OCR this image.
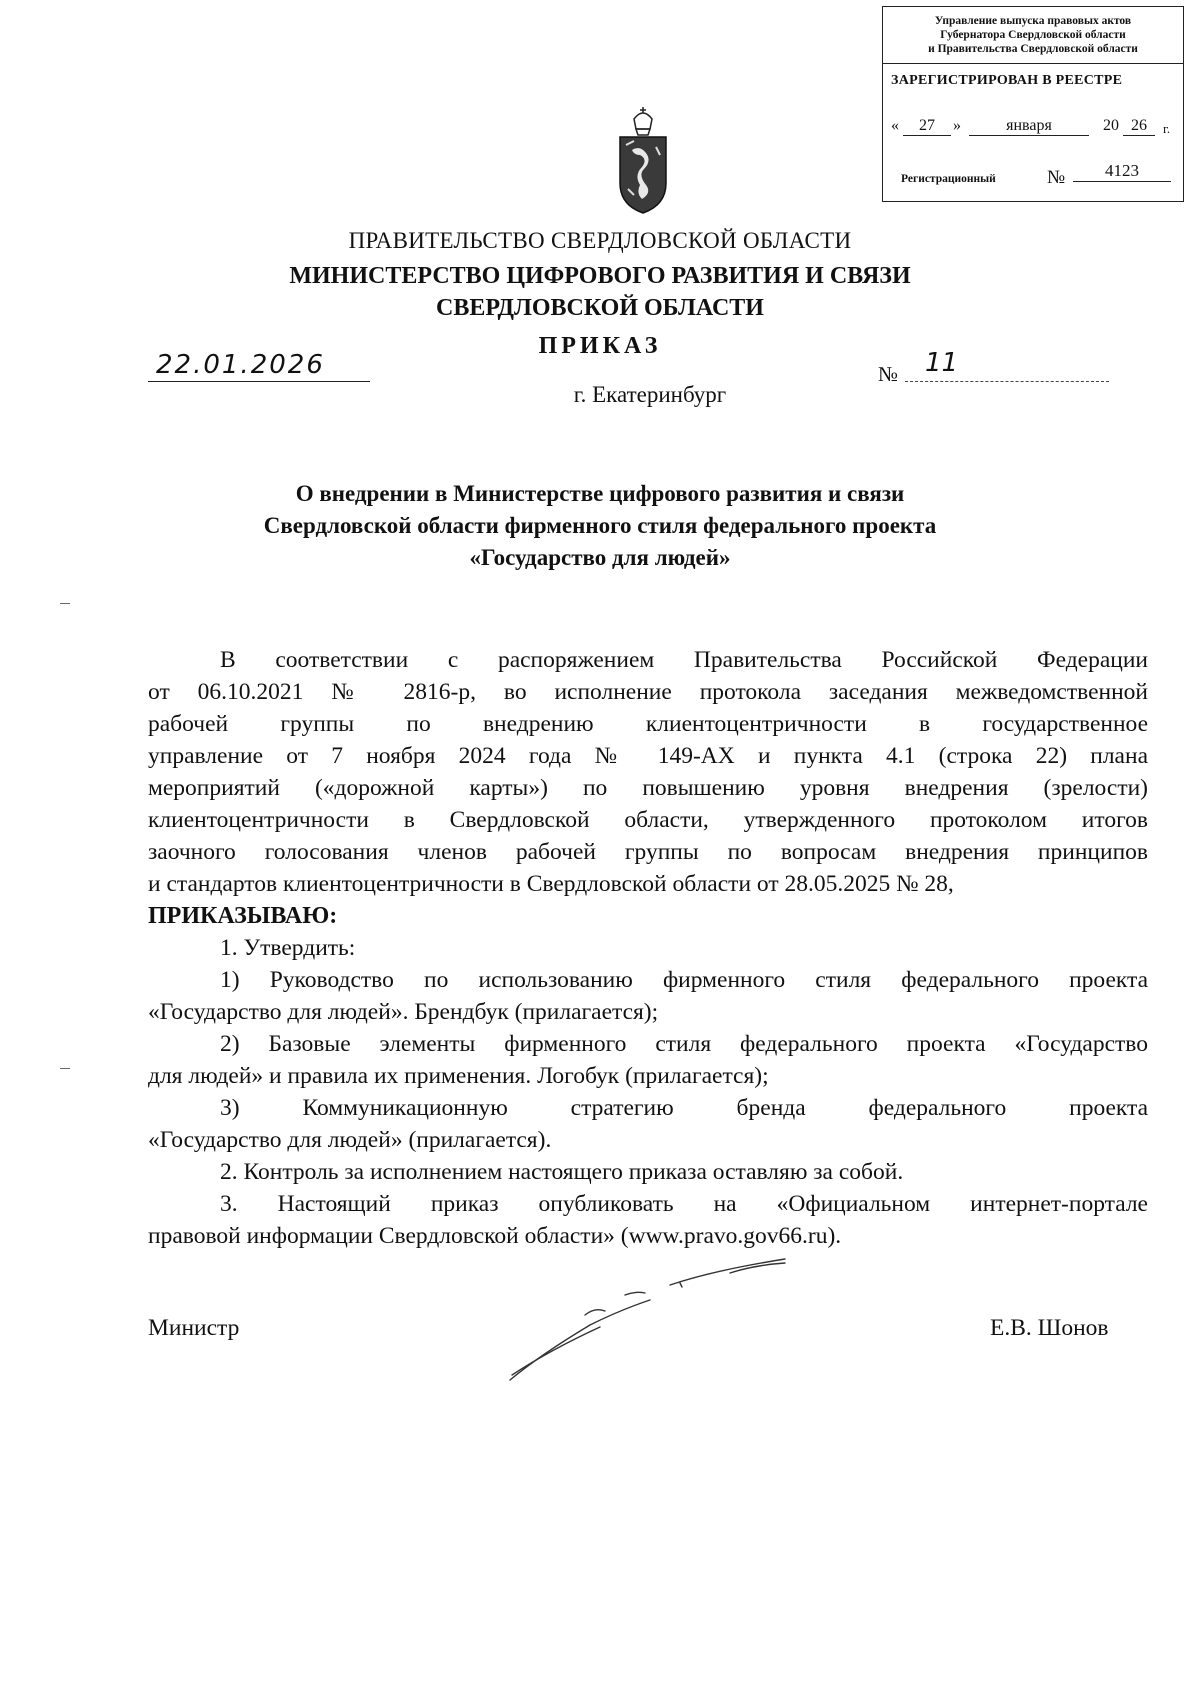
Управление выпуска правовых актов
Губернатора Свердловской области
и Правительства Свердловской области
ЗАРЕГИСТРИРОВАН В РЕЕСТРЕ
«	27	»	января	20 26	г.
Регистрационный	№	4123
ПРАВИТЕЛЬСТВО СВЕРДЛОВСКОЙ ОБЛАСТИ
МИНИСТЕРСТВО ЦИФРОВОГО РАЗВИТИЯ И СВЯЗИ
СВЕРДЛОВСКОЙ ОБЛАСТИ
ПРИКАЗ
22.01.2026	№	11
г. Екатеринбург
О внедрении в Министерстве цифрового развития и связи
Свердловской области фирменного стиля федерального проекта
«Государство для людей»

В соответствии с распоряжением Правительства Российской Федерации

от 06.10.2021 № 2816-р, во исполнение протокола заседания межведомственной

рабочей группы по внедрению клиентоцентричности в государственное

управление от 7 ноября 2024 года № 149-АХ и пункта 4.1 (строка 22) плана

мероприятий («дорожной карты») по повышению уровня внедрения (зрелости)

клиентоцентричности в Свердловской области, утвержденного протоколом итогов

заочного голосования членов рабочей группы по вопросам внедрения принципов

и стандартов клиентоцентричности в Свердловской области от 28.05.2025 № 28,

ПРИКАЗЫВАЮ:

1. Утвердить:

1) Руководство по использованию фирменного стиля федерального проекта

«Государство для людей». Брендбук (прилагается);

2) Базовые элементы фирменного стиля федерального проекта «Государство

для людей» и правила их применения. Логобук (прилагается);

3) Коммуникационную стратегию бренда федерального проекта

«Государство для людей» (прилагается).

2. Контроль за исполнением настоящего приказа оставляю за собой.

3. Настоящий приказ опубликовать на «Официальном интернет-портале

правовой информации Свердловской области» (www.pravo.gov66.ru).

Министр	Е.В. Шонов
